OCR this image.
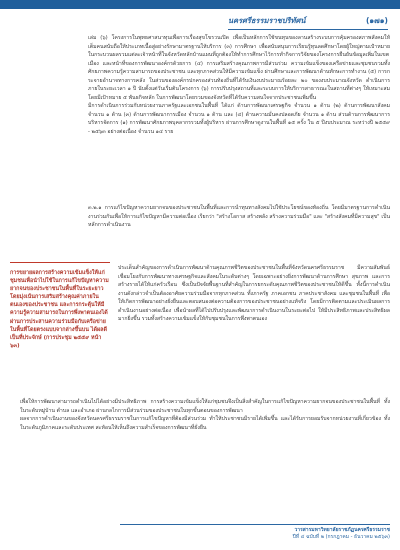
นครศรีธรรมราชปริทัศน์	(๑๗๑)

เล่ม (๖) โครงการในพุทธศาสนาทุนเพื่อการเรื่องสุขโขรวนเปิด เพื่อเป็นหลักการใช้ขนทุนของลานสร้างระบบการคุ้มครองสภาพสังคมให้เต็มคนสนับถือให้ประเภทเนื้อสู่อย่างรักษามาตรฐานให้บริการ (๓) การศึกษา เพื่อสนับสนุนการเรียนรู้ทุนลดศึกษาโดยผู้ใหญ่ตามเป้าหมายในกระบวนผลรวมแต่ละเจ้าหน้าที่ในจังหวัดหลักบ้านแผนที่ถูกต้องให้ทำการศึกษาไว้การทำกิจการวิจัยของโครงการยืนยันข้อมูลเพิ่มในเขตเมือง และหน้าที่ของการพัฒนาองค์กรด้วยการ (๔) การเสริมสร้างคุณภาพการมีส่วนร่วม ความเข้มแข็งของเครือข่ายและชุมชนรวมทั้งศักยภาพความรู้ความสามารถของประชาชน และทุกภาคส่วนให้มีความเข้มแข็ง ผ่านศึกษาและการพัฒนาด้านทักษะการทำงาน (๕) การกระจายอำนาจทางการคลัง ในส่วนขององค์กรปกครองส่วนท้องถิ่นที่ได้รับเงินงบประมาณร้อยละ ๒๐ ของงบประมาณจังหวัด ดำเนินการภายในระยะเวลา ๑ ปี นับตั้งแต่วันเริ่มต้นโครงการ (๖) การปรับปรุงสถานที่และระบบการให้บริการสาธารณะในสถานที่ต่างๆ ให้เหมาะสม โดยมีเป้าหมาย ๕ พันธกิจหลัก ในการพัฒนาโดยรวมของจังหวัดที่ได้รับความสนใจจากประชาชนเพิ่มขึ้น

มีการดำเนินการร่วมกับหน่วยงานภาครัฐและเอกชนในพื้นที่ ได้แก่ ด้านการพัฒนาเศรษฐกิจ จำนวน ๑ ด้าน (๒) ด้านการพัฒนาสังคม จำนวน ๑ ด้าน (๓) ด้านการพัฒนาการเมือง จำนวน ๑ ด้าน และ (๔) ด้านความมั่นคงปลอดภัย จำนวน ๑ ด้าน ส่วนด้านการพัฒนาการบริหารจัดการ (๑) การพัฒนาศักยภาพบุคลากรรวมทั้งผู้บริหาร ผ่านการศึกษาดูงานในพื้นที่ ๑๕ ครั้ง ใน ๕ ปีงบประมาณ ระหว่างปี ๒๕๕๙ - ๒๕๖๓ อย่างต่อเนื่อง จำนวน ๑๔ ราย

๓.๒.๑ การแก้ไขปัญหาความยากจนของประชาชนในพื้นที่และการนำทุนทางสังคมไปใช้ประโยชน์ของท้องถิ่น โดยมีมาตรฐานการดำเนินงานร่วมกันเพื่อให้การแก้ไขปัญหามีความต่อเนื่อง เรียกว่า "สร้างโอกาส สร้างพลัง สร้างความร่วมมือ" และ "สร้างสังคมที่มีความสุข" เป็นหลักการดำเนินงาน

การขยายผลการสร้างความเข้มแข็งให้แก่ชุมชนเพื่อนำไปใช้ในการแก้ไขปัญหาความยากจนของประชาชนในพื้นที่ในระยะยาวโดยมุ่งเน้นการเสริมสร้างคุณค่าภายในตนเองของประชาชน และการกระตุ้นให้มีความรู้ความสามารถในการพึ่งพาตนเองได้ ผ่านการประสานความร่วมมือกับเครือข่ายในพื้นที่โดยตรงแบบจากล่างขึ้นบน ได้ผลดีเป็นที่ประจักษ์ (การประชุม ๒๕๕๙ หน้า ๖๓)

ประเด็นสำคัญของการดำเนินการพัฒนาด้านคุณภาพชีวิตของประชาชนในพื้นที่จังหวัดนครศรีธรรมราช มีความสัมพันธ์เชื่อมโยงกับการพัฒนาทางเศรษฐกิจและสังคมในระดับต่างๆ โดยเฉพาะอย่างยิ่งการพัฒนาด้านการศึกษา สุขภาพ และการสร้างรายได้ให้แก่ครัวเรือน ซึ่งเป็นปัจจัยพื้นฐานที่สำคัญในการยกระดับคุณภาพชีวิตของประชาชนให้ดีขึ้น ทั้งนี้การดำเนินงานดังกล่าวจำเป็นต้องอาศัยความร่วมมือจากทุกภาคส่วน ทั้งภาครัฐ ภาคเอกชน ภาคประชาสังคม และชุมชนในพื้นที่ เพื่อให้เกิดการพัฒนาอย่างยั่งยืนและตอบสนองต่อความต้องการของประชาชนอย่างแท้จริง โดยมีการติดตามและประเมินผลการดำเนินงานอย่างต่อเนื่อง เพื่อนำผลที่ได้ไปปรับปรุงและพัฒนาการดำเนินงานในระยะต่อไป ให้มีประสิทธิภาพและประสิทธิผลมากยิ่งขึ้น รวมทั้งสร้างความเข้มแข็งให้กับชุมชนในการพึ่งพาตนเอง

เพื่อให้การพัฒนาสามารถดำเนินไปได้อย่างมีประสิทธิภาพ การสร้างความเข้มแข็งให้แก่ชุมชนจึงเป็นสิ่งสำคัญในการแก้ไขปัญหาความยากจนของประชาชนในพื้นที่ ทั้งในระดับหมู่บ้าน ตำบล และอำเภอ ผ่านกลไกการมีส่วนร่วมของประชาชนในทุกขั้นตอนของการพัฒนา

ผลจากการดำเนินงานของจังหวัดนครศรีธรรมราชในการแก้ไขปัญหาที่ต้องมีส่วนร่วม ทำให้ประชาชนมีรายได้เพิ่มขึ้น และได้รับการยอมรับจากหน่วยงานที่เกี่ยวข้อง ทั้งในระดับภูมิภาคและระดับประเทศ สะท้อนให้เห็นถึงความสำเร็จของการพัฒนาที่ยั่งยืน

วารสารมหาวิทยาลัยราชภัฏนครศรีธรรมราช
ปีที่ ๔ ฉบับที่ ๒ (กรกฎาคม - ธันวาคม ๒๕๖๓)
